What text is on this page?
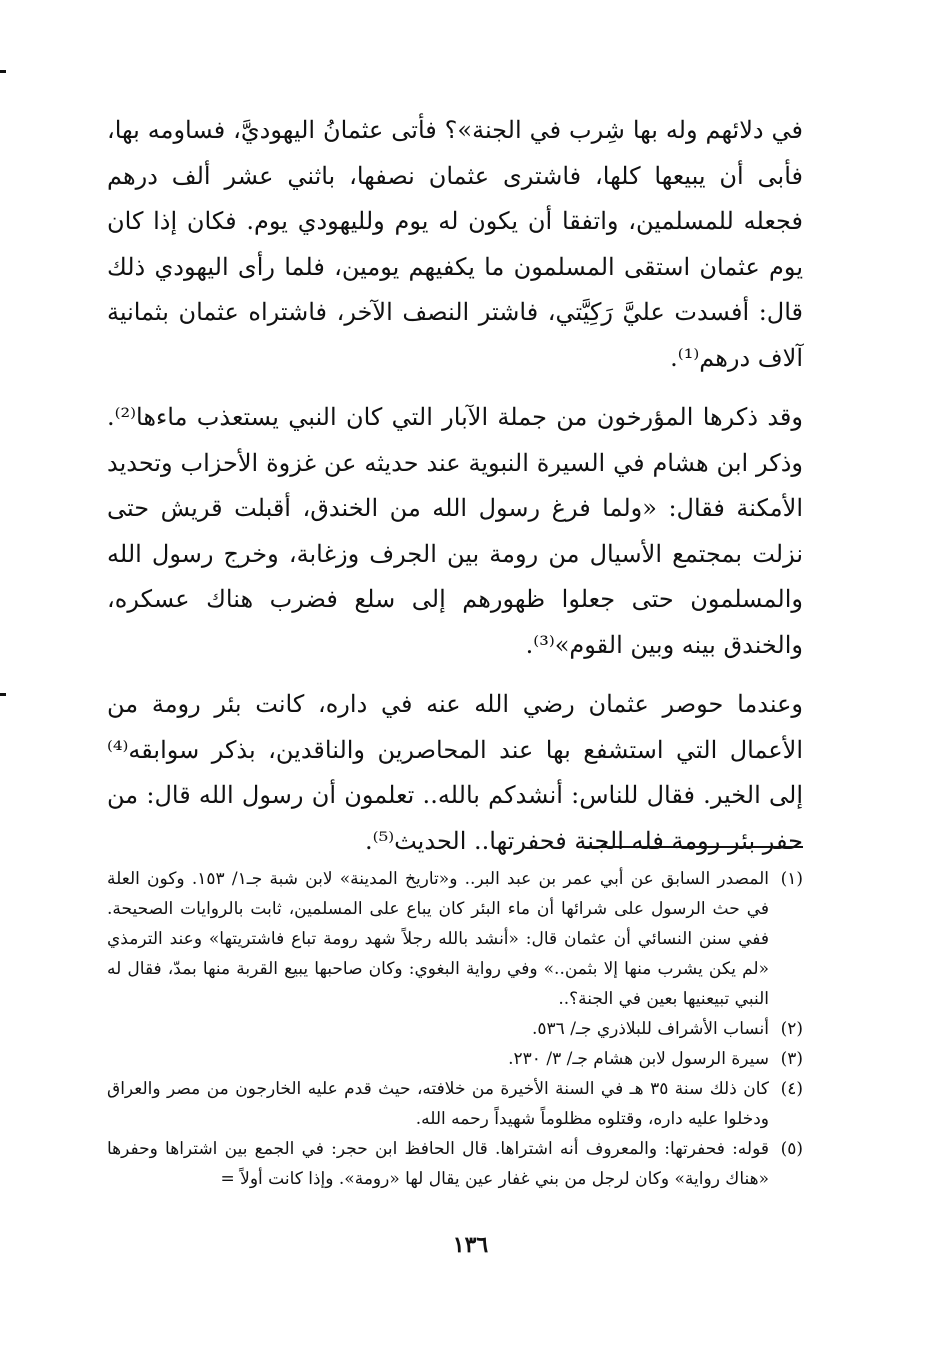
في دلائهم وله بها شِرب في الجنة»؟ فأتى عثمانُ اليهوديَّ، فساومه بها، فأبى أن يبيعها كلها، فاشترى عثمان نصفها، باثني عشر ألف درهم فجعله للمسلمين، واتفقا أن يكون له يوم ولليهودي يوم. فكان إذا كان يوم عثمان استقى المسلمون ما يكفيهم يومين، فلما رأى اليهودي ذلك قال: أفسدت عليَّ رَكِيَّتي، فاشتر النصف الآخر، فاشتراه عثمان بثمانية آلاف درهم⁽¹⁾.

وقد ذكرها المؤرخون من جملة الآبار التي كان النبي يستعذب ماءها⁽²⁾. وذكر ابن هشام في السيرة النبوية عند حديثه عن غزوة الأحزاب وتحديد الأمكنة فقال: «ولما فرغ رسول الله من الخندق، أقبلت قريش حتى نزلت بمجتمع الأسيال من رومة بين الجرف وزغابة، وخرج رسول الله والمسلمون حتى جعلوا ظهورهم إلى سلع فضرب هناك عسكره، والخندق بينه وبين القوم»⁽³⁾.

وعندما حوصر عثمان رضي الله عنه في داره، كانت بئر رومة من الأعمال التي استشفع بها عند المحاصرين والناقدين، بذكر سوابقه⁽⁴⁾ إلى الخير. فقال للناس: أنشدكم بالله.. تعلمون أن رسول الله قال: من حفر بئر رومة فله الجنة فحفرتها.. الحديث⁽⁵⁾.

(١)
المصدر السابق عن أبي عمر بن عبد البر.. و«تاريخ المدينة» لابن شبة جـ١/ ١٥٣. وكون العلة في حث الرسول على شرائها أن ماء البئر كان يباع على المسلمين، ثابت بالروايات الصحيحة. ففي سنن النسائي أن عثمان قال: «أنشد بالله رجلاً شهد رومة تباع فاشتريتها» وعند الترمذي «لم يكن يشرب منها إلا بثمن..» وفي رواية البغوي: وكان صاحبها يبيع القربة منها بمدّ، فقال له النبي تبيعنيها بعين في الجنة؟..
(٢)
أنساب الأشراف للبلاذري جـ/ ٥٣٦.
(٣)
سيرة الرسول لابن هشام جـ/ ٣/ ٢٣٠.
(٤)
كان ذلك سنة ٣٥ هـ في السنة الأخيرة من خلافته، حيث قدم عليه الخارجون من مصر والعراق ودخلوا عليه داره، وقتلوه مظلوماً شهيداً رحمه الله.
(٥)
قوله: فحفرتها: والمعروف أنه اشتراها. قال الحافظ ابن حجر: في الجمع بين اشتراها وحفرها «هناك رواية» وكان لرجل من بني غفار عين يقال لها «رومة». وإذا كانت أولاً =
١٣٦
